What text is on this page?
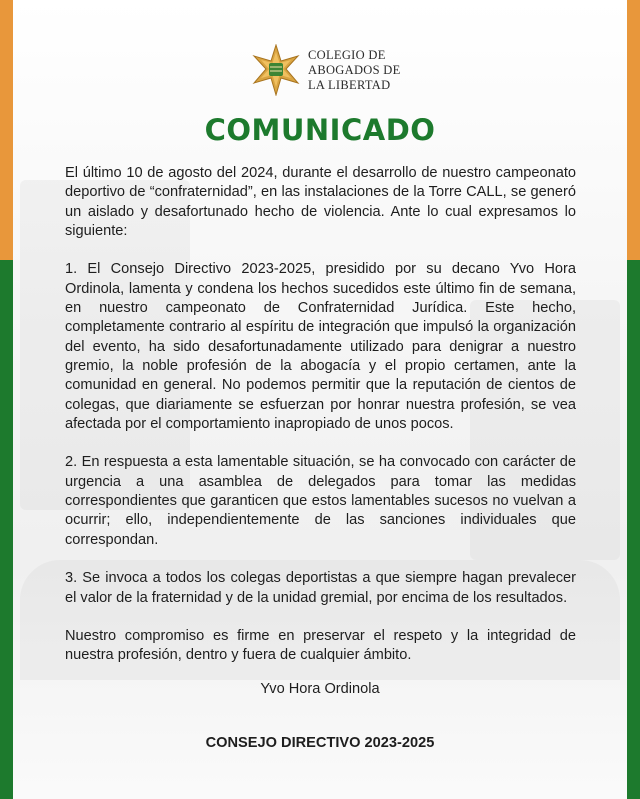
COLEGIO DE
ABOGADOS DE
LA LIBERTAD
COMUNICADO

El último 10 de agosto del 2024, durante el desarrollo de nuestro campeonato deportivo de “confraternidad”, en las instalaciones de la Torre CALL, se generó un aislado y desafortunado hecho de violencia. Ante lo cual expresamos lo siguiente:

1. El Consejo Directivo 2023-2025, presidido por su decano Yvo Hora Ordinola, lamenta y condena los hechos sucedidos este último fin de semana, en nuestro campeonato de Confraternidad Jurídica. Este hecho, completamente contrario al espíritu de integración que impulsó la organización del evento, ha sido desafortunadamente utilizado para denigrar a nuestro gremio, la noble profesión de la abogacía y el propio certamen, ante la comunidad en general. No podemos permitir que la reputación de cientos de colegas, que diariamente se esfuerzan por honrar nuestra profesión, se vea afectada por el comportamiento inapropiado de unos pocos.

2. En respuesta a esta lamentable situación, se ha convocado con carácter de urgencia a una asamblea de delegados para tomar las medidas correspondientes que garanticen que estos lamentables sucesos no vuelvan a ocurrir; ello, independientemente de las sanciones individuales que correspondan.

3. Se invoca a todos los colegas deportistas a que siempre hagan prevalecer el valor de la fraternidad y de la unidad gremial, por encima de los resultados.

Nuestro compromiso es firme en preservar el respeto y la integridad de nuestra profesión, dentro y fuera de cualquier ámbito.

Yvo Hora Ordinola
CONSEJO DIRECTIVO 2023-2025
